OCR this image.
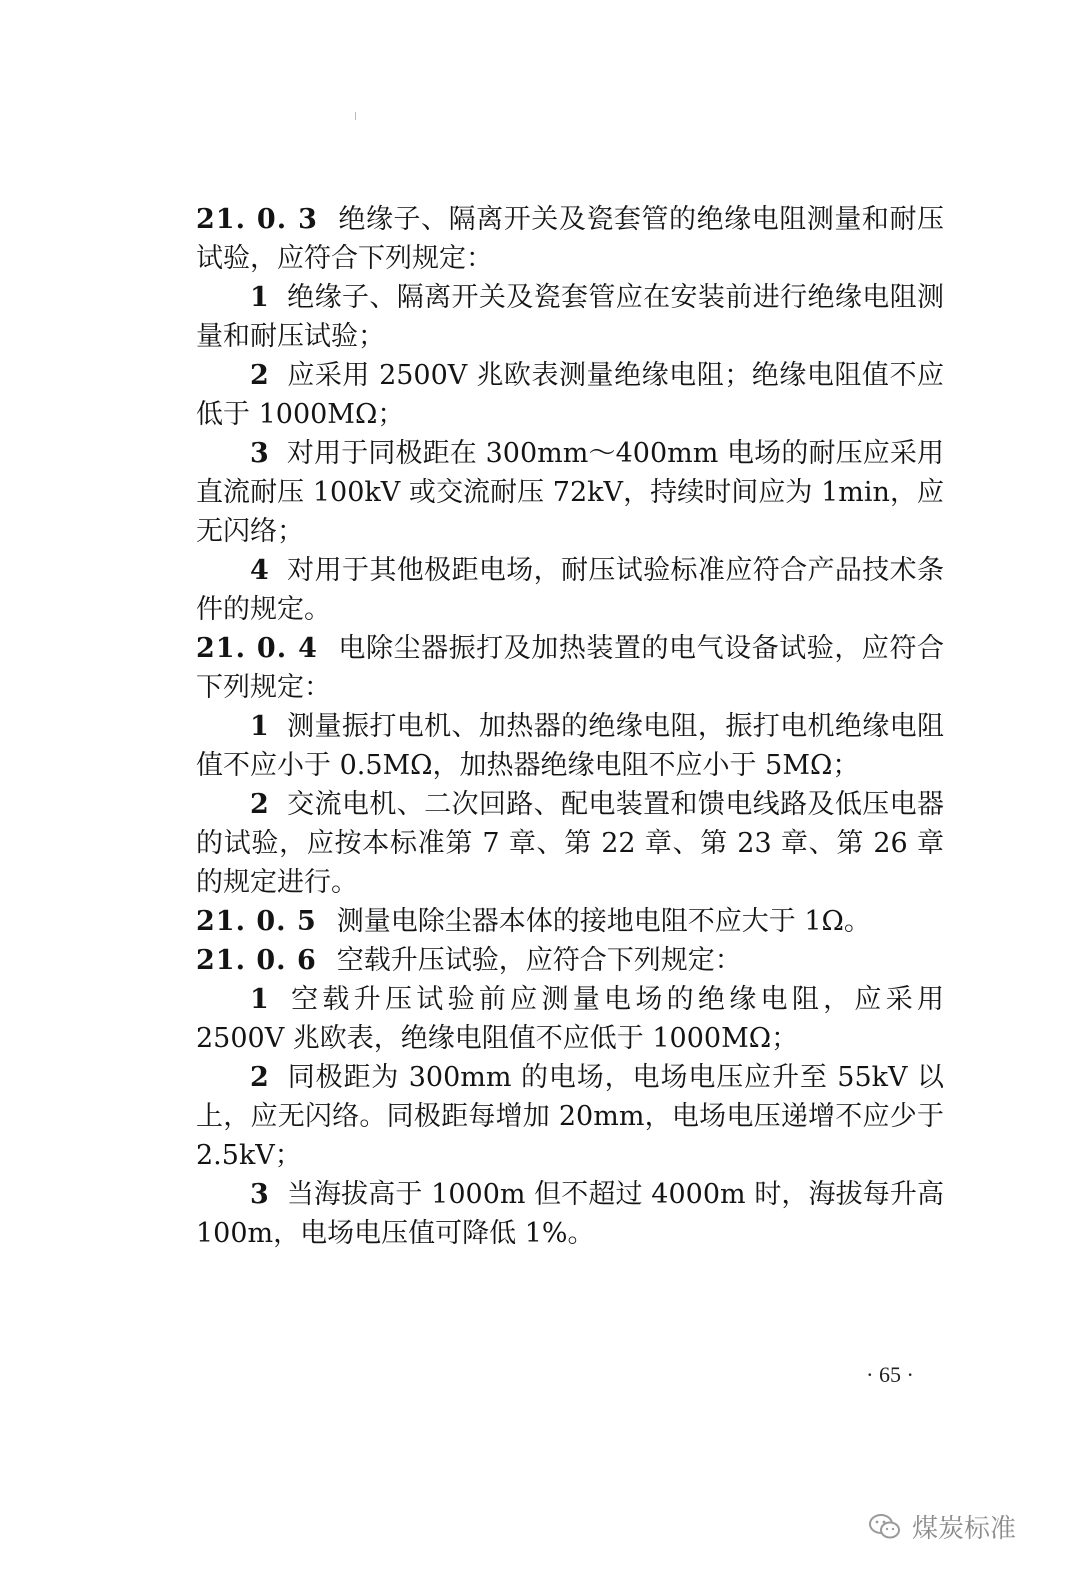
21. 0. 3 绝缘子、隔离开关及瓷套管的绝缘电阻测量和耐压试验，应符合下列规定：

1 绝缘子、隔离开关及瓷套管应在安装前进行绝缘电阻测量和耐压试验；

2 应采用 2500V 兆欧表测量绝缘电阻；绝缘电阻值不应低于 1000MΩ；

3 对用于同极距在 300mm～400mm 电场的耐压应采用直流耐压 100kV 或交流耐压 72kV，持续时间应为 1min，应无闪络；

4 对用于其他极距电场，耐压试验标准应符合产品技术条件的规定。

21. 0. 4 电除尘器振打及加热装置的电气设备试验，应符合下列规定：

1 测量振打电机、加热器的绝缘电阻，振打电机绝缘电阻值不应小于 0.5MΩ，加热器绝缘电阻不应小于 5MΩ；

2 交流电机、二次回路、配电装置和馈电线路及低压电器的试验，应按本标准第 7 章、第 22 章、第 23 章、第 26 章的规定进行。

21. 0. 5 测量电除尘器本体的接地电阻不应大于 1Ω。

21. 0. 6 空载升压试验，应符合下列规定：

1 空载升压试验前应测量电场的绝缘电阻，应采用 2500V 兆欧表，绝缘电阻值不应低于 1000MΩ；

2 同极距为 300mm 的电场，电场电压应升至 55kV 以上，应无闪络。同极距每增加 20mm，电场电压递增不应少于 2.5kV；

3 当海拔高于 1000m 但不超过 4000m 时，海拔每升高 100m，电场电压值可降低 1%。

· 65 ·
煤炭标准
